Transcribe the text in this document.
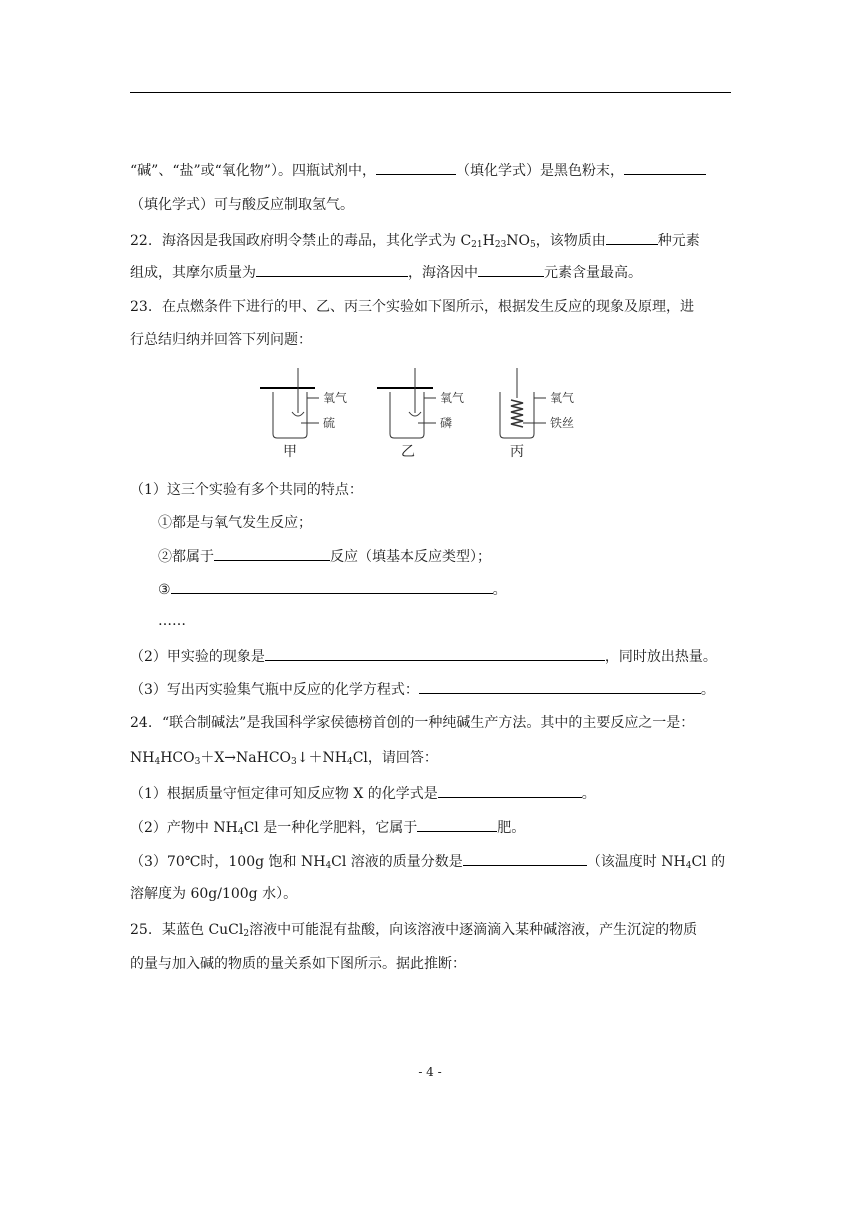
“碱”、“盐”或“氧化物”）。四瓶试剂中，	（填化学式）是黑色粉末，
（填化学式）可与酸反应制取氢气。
22. 海洛因是我国政府明令禁止的毒品，其化学式为 $C_{21}H_{23}NO_5$，该物质由	种元素
组成，其摩尔质量为	，海洛因中	元素含量最高。
23. 在点燃条件下进行的甲、乙、丙三个实验如下图所示，根据发生反应的现象及原理，进
行总结归纳并回答下列问题：
氧气
硫
甲
氧气
磷
乙
氧气
铁丝
丙
（1）这三个实验有多个共同的特点：
①都是与氧气发生反应；
②都属于	反应（填基本反应类型）；
③	。
……
（2）甲实验的现象是	，同时放出热量。
（3）写出丙实验集气瓶中反应的化学方程式：	。
24. “联合制碱法”是我国科学家侯德榜首创的一种纯碱生产方法。其中的主要反应之一是：
$NH_4HCO_3+X\to NaHCO_3↓+NH_4Cl$，请回答：
（1）根据质量守恒定律可知反应物 X 的化学式是	。
（2）产物中 $NH_4Cl$ 是一种化学肥料，它属于	肥。
（3）70℃时，100g 饱和 $NH_4Cl$ 溶液的质量分数是	（该温度时 $NH_4Cl$ 的
溶解度为 60g/100g 水）。
25. 某蓝色 CuCl$_2$溶液中可能混有盐酸，向该溶液中逐滴滴入某种碱溶液，产生沉淀的物质
的量与加入碱的物质的量关系如下图所示。据此推断：
- 4 -
